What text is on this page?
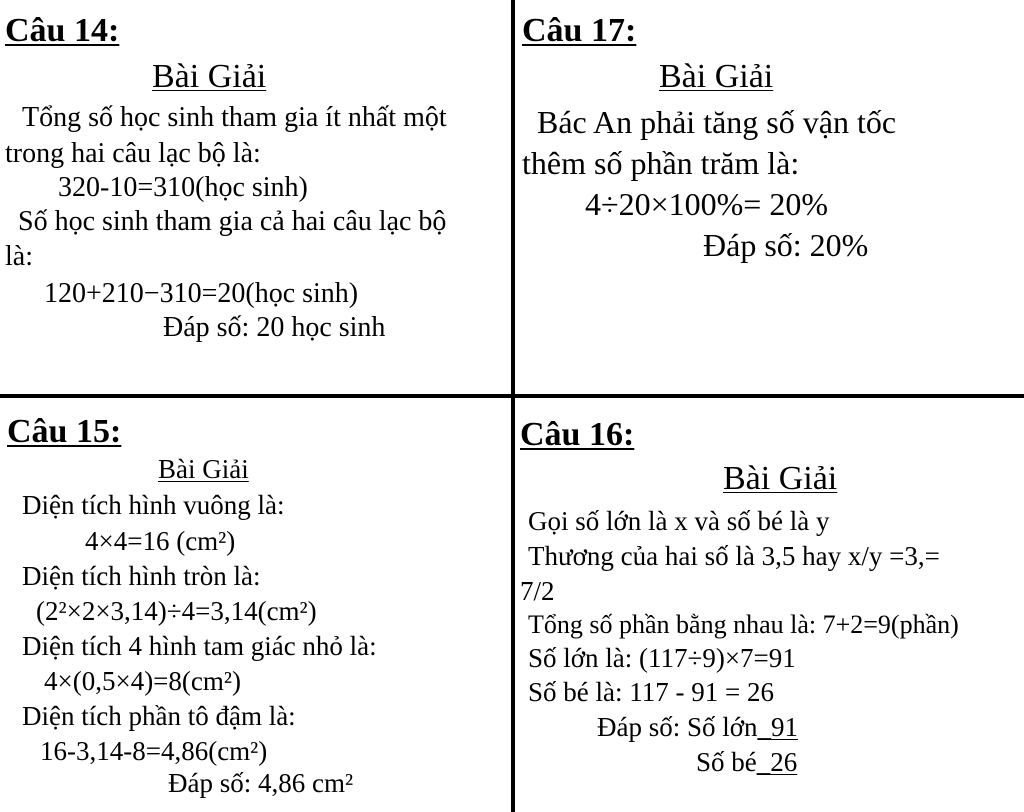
Câu 14:
Bài Giải
Tổng số học sinh tham gia ít nhất một
trong hai câu lạc bộ là:
320-10=310(học sinh)
Số học sinh tham gia cả hai câu lạc bộ
là:
120+210−310=20(học sinh)
Đáp số: 20 học sinh
Câu 17:
Bài Giải
Bác An phải tăng số vận tốc
thêm số phần trăm là:
4÷20×100%= 20%
Đáp số: 20%
Câu 15:
Bài Giải
Diện tích hình vuông là:
4×4=16 (cm²)
Diện tích hình tròn là:
(2²×2×3,14)÷4=3,14(cm²)
Diện tích 4 hình tam giác nhỏ là:
4×(0,5×4)=8(cm²)
Diện tích phần tô đậm là:
16-3,14-8=4,86(cm²)
Đáp số: 4,86 cm²
Câu 16:
Bài Giải
Gọi số lớn là x và số bé là y
Thương của hai số là 3,5 hay x/y =3,=
7/2
Tổng số phần bằng nhau là: 7+2=9(phần)
Số lớn là: (117÷9)×7=91
Số bé là: 117 - 91 = 26
Đáp số: Số lớn_91
Số bé_26
